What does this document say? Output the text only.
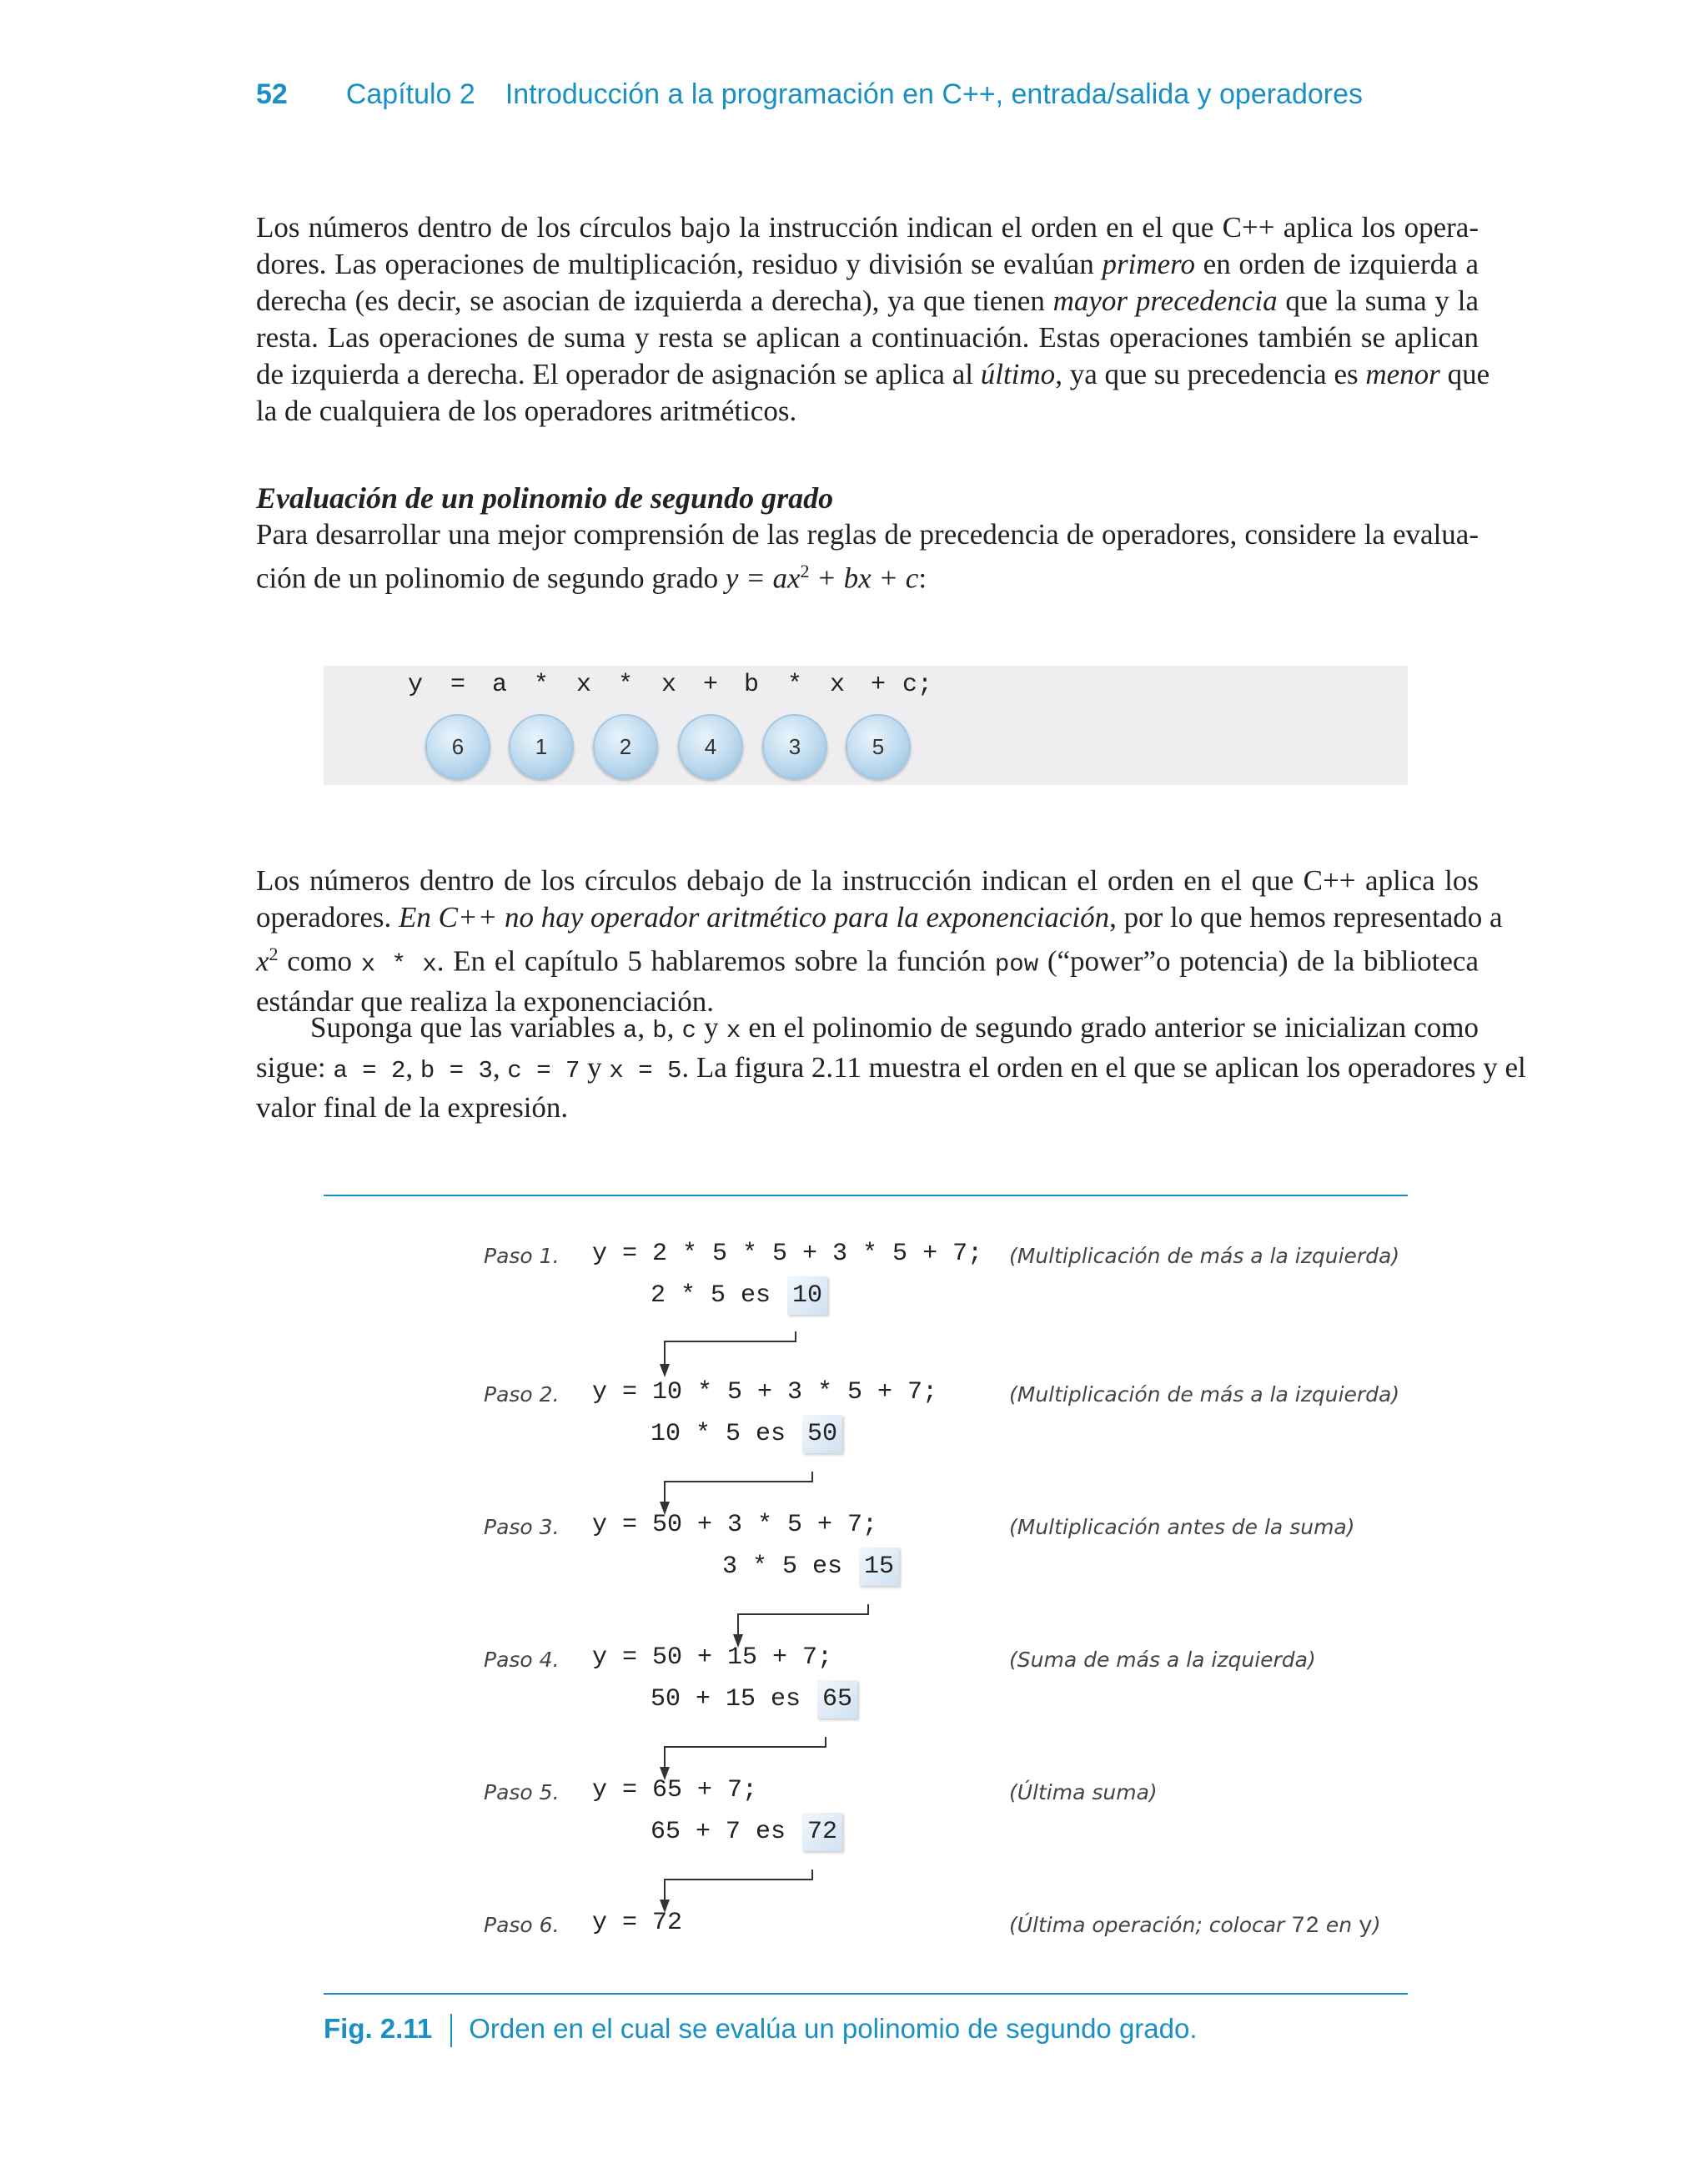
52 Capítulo 2 Introducción a la programación en C++, entrada/salida y operadores
Los números dentro de los círculos bajo la instrucción indican el orden en el que C++ aplica los opera-
dores. Las operaciones de multiplicación, residuo y división se evalúan primero en orden de izquierda a
derecha (es decir, se asocian de izquierda a derecha), ya que tienen mayor precedencia que la suma y la
resta. Las operaciones de suma y resta se aplican a continuación. Estas operaciones también se aplican
de izquierda a derecha. El operador de asignación se aplica al último, ya que su precedencia es menor que
la de cualquiera de los operadores aritméticos.
Evaluación de un polinomio de segundo grado
Para desarrollar una mejor comprensión de las reglas de precedencia de operadores, considere la evalua-
ción de un polinomio de segundo grado $y = ax^2$ + bx + c:
y = a * x * x + b * x + c;
6	1	2	4	3	5
Los números dentro de los círculos debajo de la instrucción indican el orden en el que C++ aplica los
operadores. En C++ no hay operador aritmético para la exponenciación, por lo que hemos representado a
$x^2$ como x * x. En el capítulo 5 hablaremos sobre la función pow (“power”o potencia) de la biblioteca
estándar que realiza la exponenciación.
Suponga que las variables a, b, c y x en el polinomio de segundo grado anterior se inicializan como
sigue: a = 2, b = 3, c = 7 y x = 5. La figura 2.11 muestra el orden en el que se aplican los operadores y el
valor final de la expresión.
Paso 1. y = 2 * 5 * 5 + 3 * 5 + 7; (Multiplicación de más a la izquierda)
2 * 5 es 10
Paso 2. y = 10 * 5 + 3 * 5 + 7;	(Multiplicación de más a la izquierda)
10 * 5 es 50
Paso 3. y = 50 + 3 * 5 + 7;	(Multiplicación antes de la suma)
3 * 5 es 15
Paso 4. y = 50 + 15 + 7;	(Suma de más a la izquierda)
50 + 15 es 65
Paso 5. y = 65 + 7;	(Última suma)
65 + 7 es 72
Paso 6. y = 72	(Última operación; colocar 72 en y)
Fig. 2.11 Orden en el cual se evalúa un polinomio de segundo grado.
